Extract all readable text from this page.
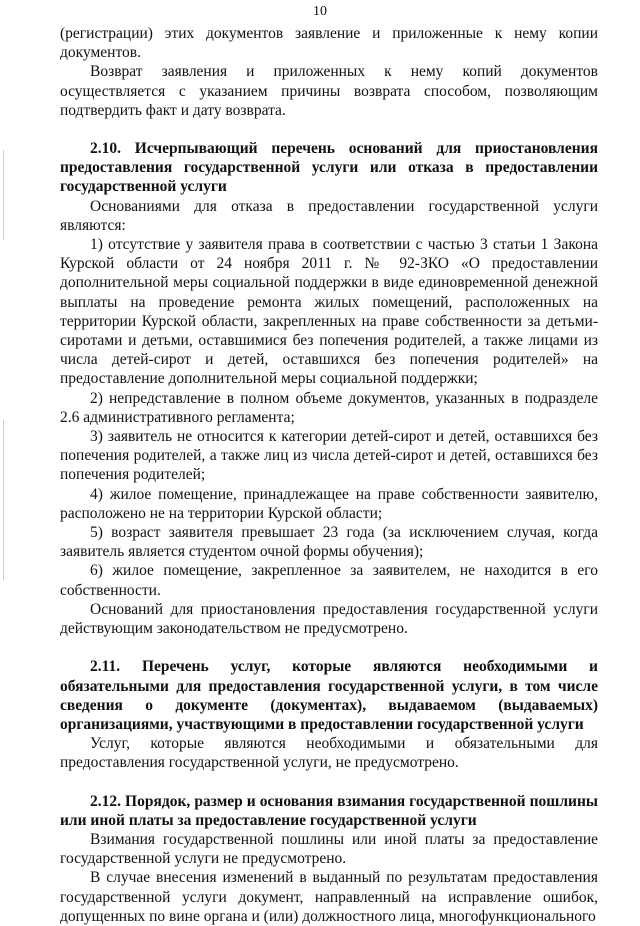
10

(регистрации) этих документов заявление и приложенные к нему копии документов.

Возврат заявления и приложенных к нему копий документов осуществляется с указанием причины возврата способом, позволяющим подтвердить факт и дату возврата.

2.10. Исчерпывающий перечень оснований для приостановления предоставления государственной услуги или отказа в предоставлении государственной услуги

Основаниями для отказа в предоставлении государственной услуги являются:

1) отсутствие у заявителя права в соответствии с частью 3 статьи 1 Закона Курской области от 24 ноября 2011 г. № 92-ЗКО «О предоставлении дополнительной меры социальной поддержки в виде единовременной денежной выплаты на проведение ремонта жилых помещений, расположенных на территории Курской области, закрепленных на праве собственности за детьми-сиротами и детьми, оставшимися без попечения родителей, а также лицами из числа детей-сирот и детей, оставшихся без попечения родителей» на предоставление дополнительной меры социальной поддержки;

2) непредставление в полном объеме документов, указанных в подразделе 2.6 административного регламента;

3) заявитель не относится к категории детей-сирот и детей, оставшихся без попечения родителей, а также лиц из числа детей-сирот и детей, оставшихся без попечения родителей;

4) жилое помещение, принадлежащее на праве собственности заявителю, расположено не на территории Курской области;

5) возраст заявителя превышает 23 года (за исключением случая, когда заявитель является студентом очной формы обучения);

6) жилое помещение, закрепленное за заявителем, не находится в его собственности.

Оснований для приостановления предоставления государственной услуги действующим законодательством не предусмотрено.

2.11. Перечень услуг, которые являются необходимыми и обязательными для предоставления государственной услуги, в том числе сведения о документе (документах), выдаваемом (выдаваемых) организациями, участвующими в предоставлении государственной услуги

Услуг, которые являются необходимыми и обязательными для предоставления государственной услуги, не предусмотрено.

2.12. Порядок, размер и основания взимания государственной пошлины или иной платы за предоставление государственной услуги

Взимания государственной пошлины или иной платы за предоставление государственной услуги не предусмотрено.

В случае внесения изменений в выданный по результатам предоставления государственной услуги документ, направленный на исправление ошибок, допущенных по вине органа и (или) должностного лица, многофункционального
